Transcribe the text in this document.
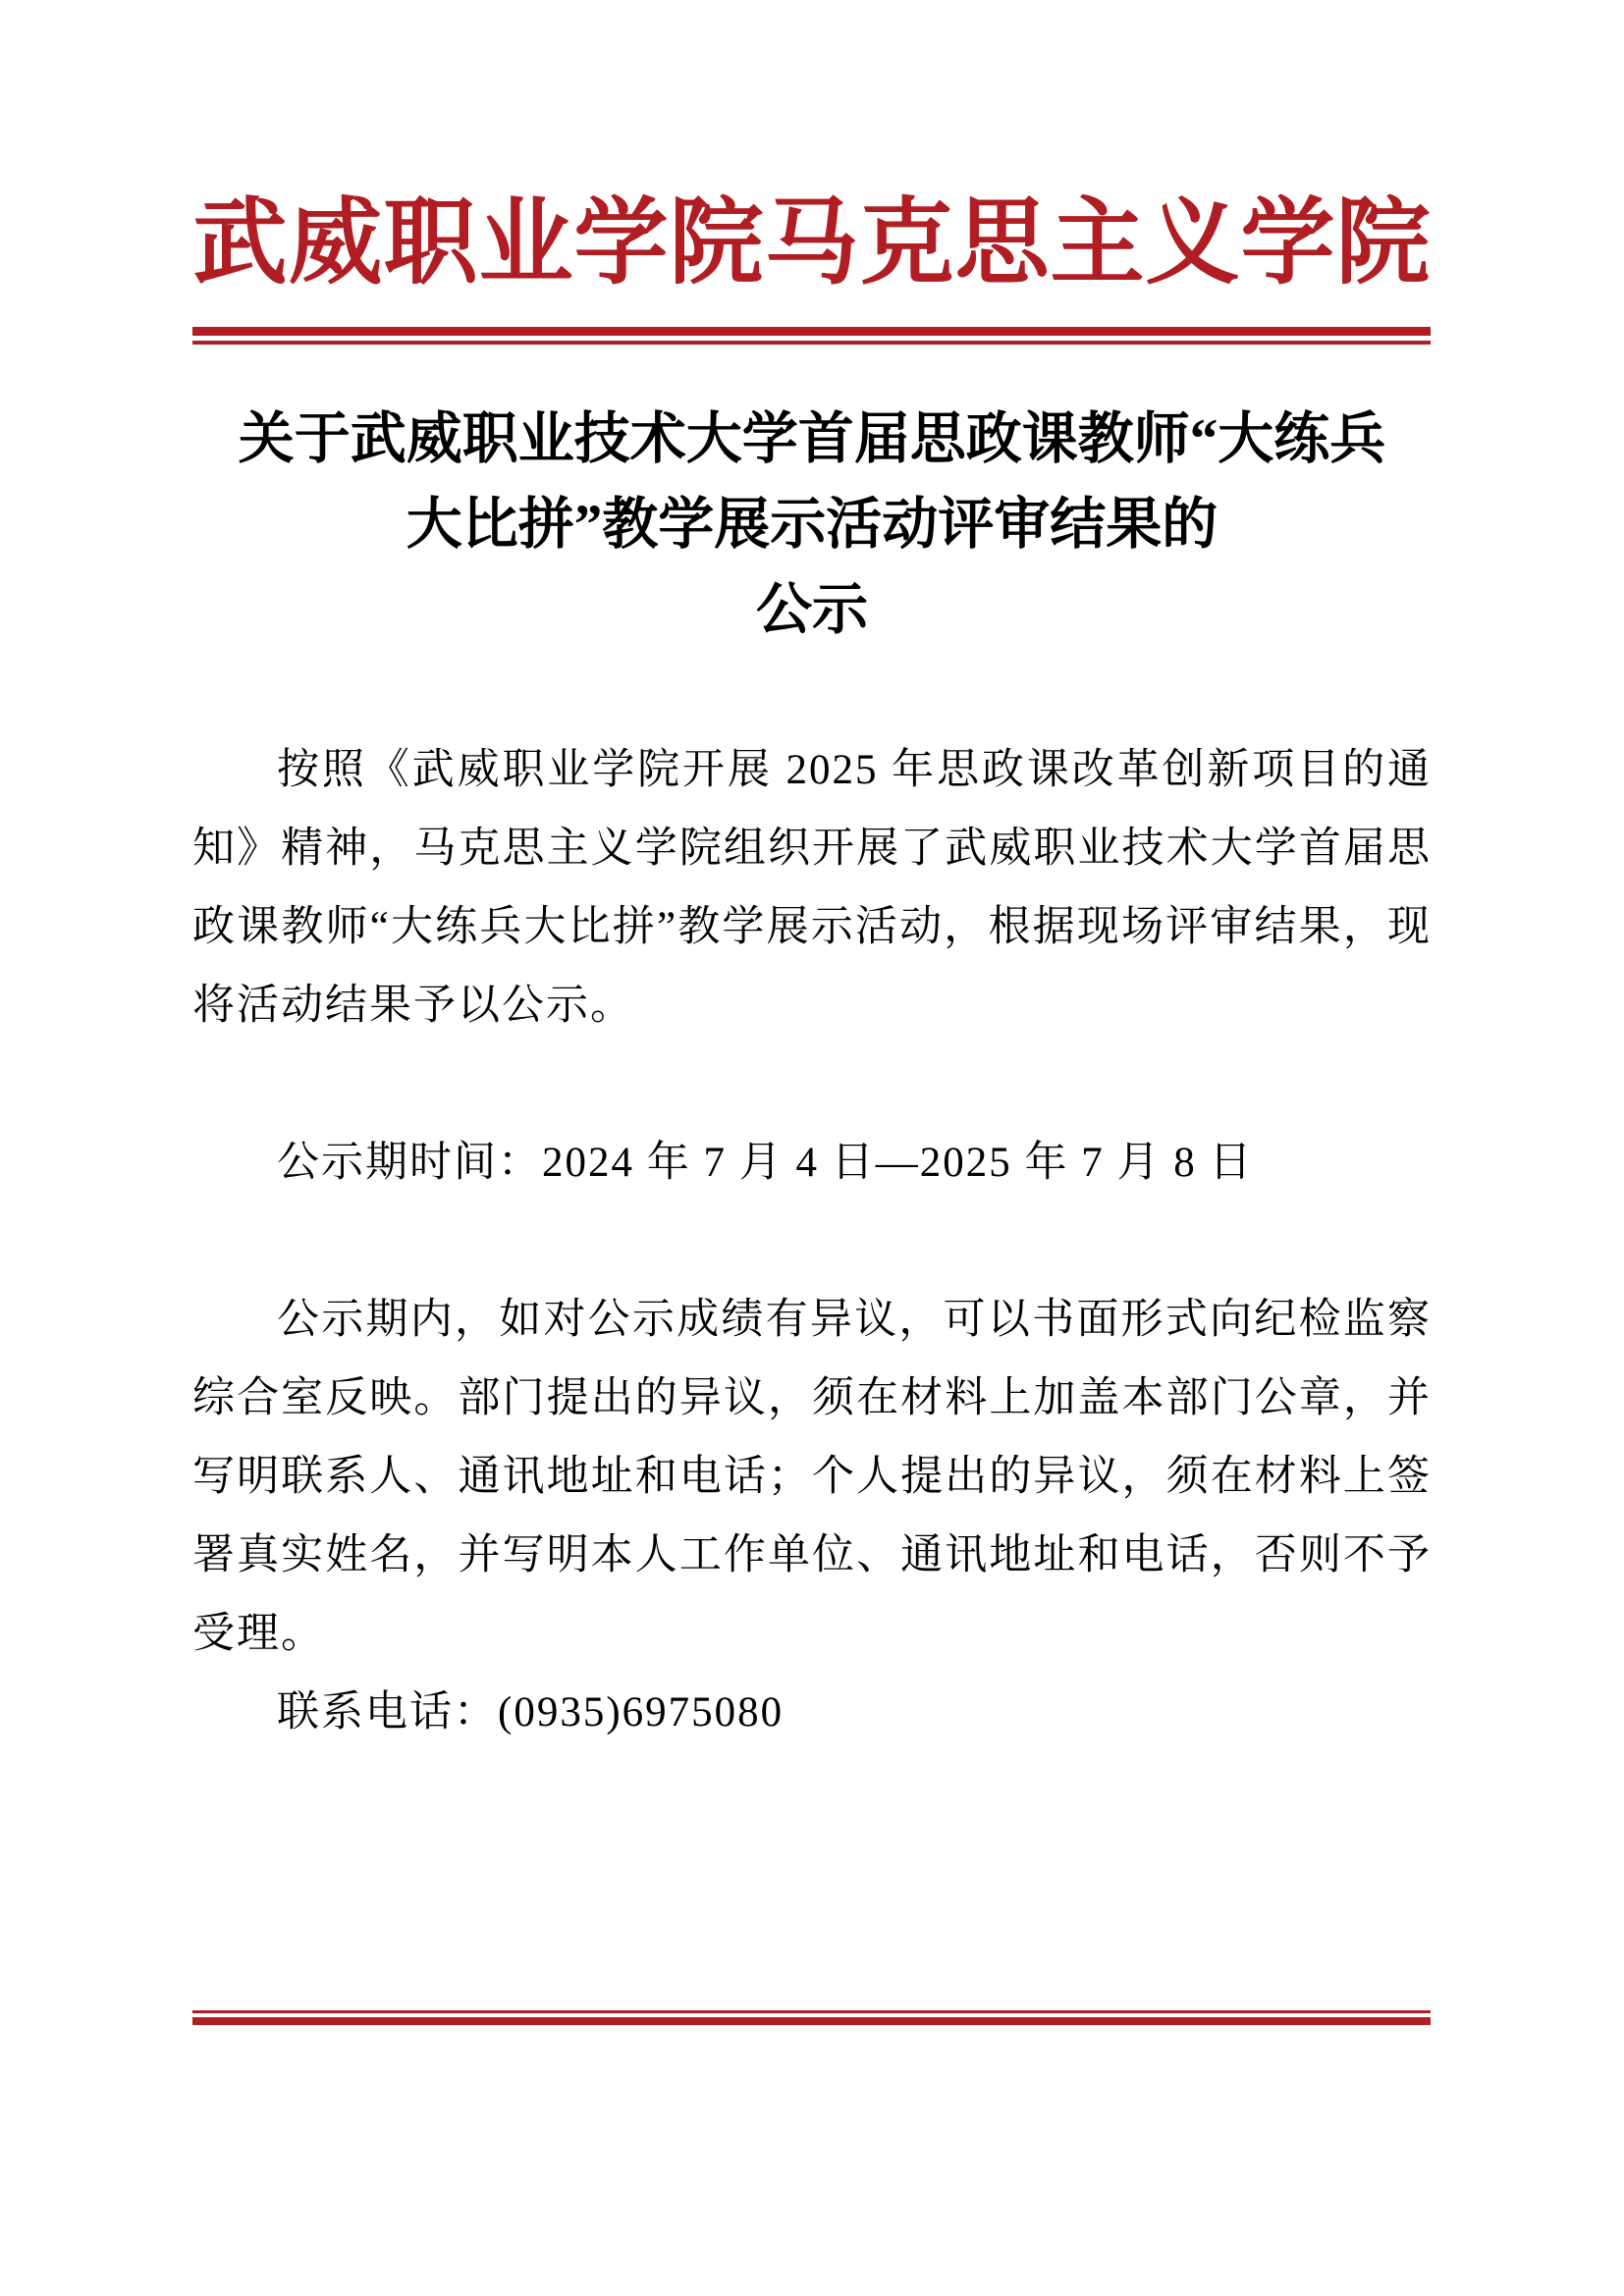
武威职业学院马克思主义学院
关于武威职业技术大学首届思政课教师“大练兵
大比拼”教学展示活动评审结果的
公示

按照《武威职业学院开展 2025 年思政课改革创新项目的通知》精神，马克思主义学院组织开展了武威职业技术大学首届思政课教师“大练兵大比拼”教学展示活动，根据现场评审结果，现将活动结果予以公示。

公示期时间：2024 年 7 月 4 日—2025 年 7 月 8 日

公示期内，如对公示成绩有异议，可以书面形式向纪检监察综合室反映。部门提出的异议，须在材料上加盖本部门公章，并写明联系人、通讯地址和电话；个人提出的异议，须在材料上签署真实姓名，并写明本人工作单位、通讯地址和电话，否则不予受理。

联系电话：(0935)6975080
